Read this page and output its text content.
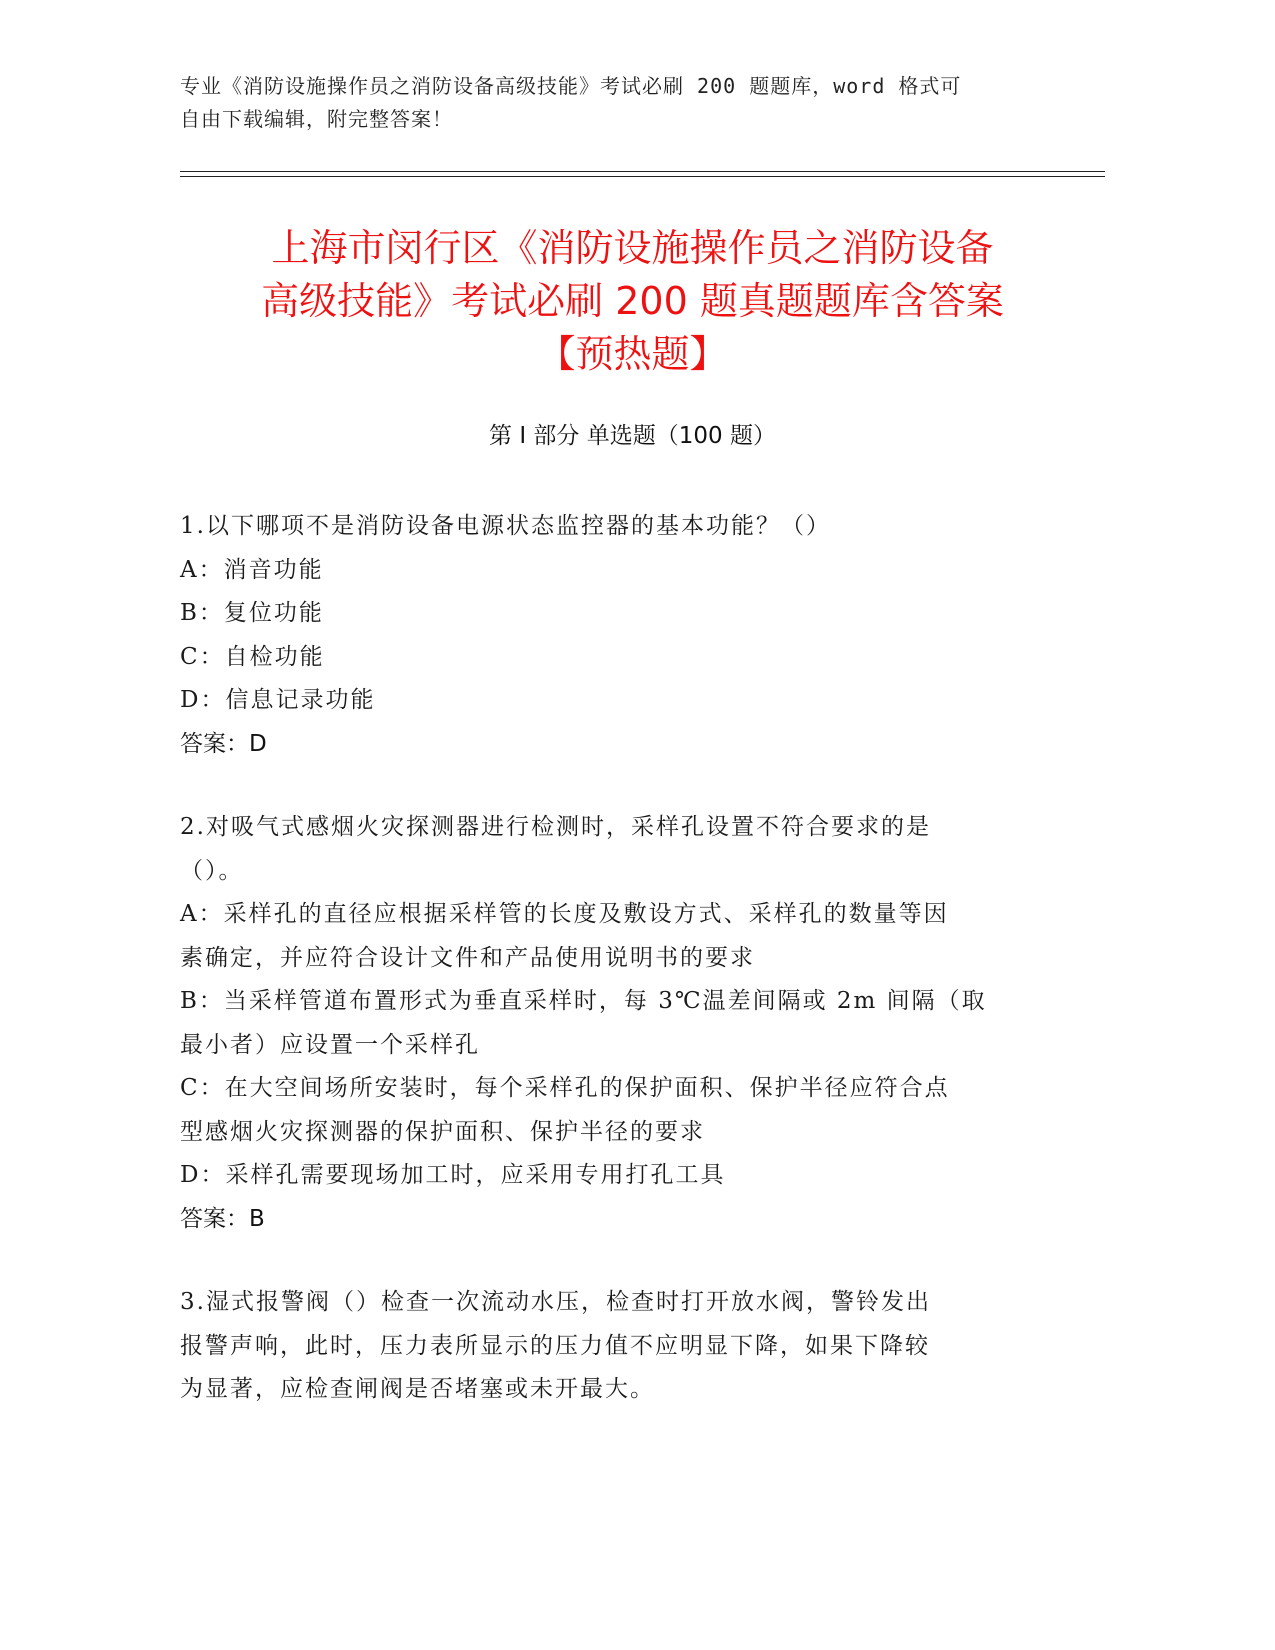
专业《消防设施操作员之消防设备高级技能》考试必刷 200 题题库，word 格式可
自由下载编辑，附完整答案！
上海市闵行区《消防设施操作员之消防设备
高级技能》考试必刷 200 题真题题库含答案
【预热题】
第 I 部分 单选题（100 题）
1.以下哪项不是消防设备电源状态监控器的基本功能？（）
A：消音功能
B：复位功能
C：自检功能
D：信息记录功能
答案：D
2.对吸气式感烟火灾探测器进行检测时，采样孔设置不符合要求的是
（）。
A：采样孔的直径应根据采样管的长度及敷设方式、采样孔的数量等因
素确定，并应符合设计文件和产品使用说明书的要求
B：当采样管道布置形式为垂直采样时，每 3℃温差间隔或 2m 间隔（取
最小者）应设置一个采样孔
C：在大空间场所安装时，每个采样孔的保护面积、保护半径应符合点
型感烟火灾探测器的保护面积、保护半径的要求
D：采样孔需要现场加工时，应采用专用打孔工具
答案：B
3.湿式报警阀（）检查一次流动水压，检查时打开放水阀，警铃发出
报警声响，此时，压力表所显示的压力值不应明显下降，如果下降较
为显著，应检查闸阀是否堵塞或未开最大。
